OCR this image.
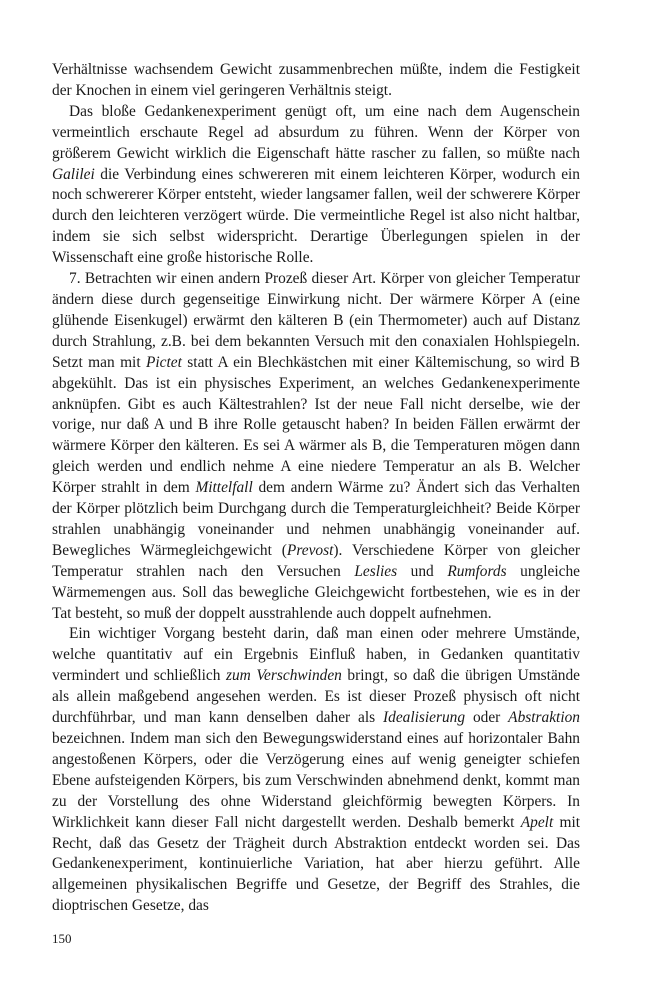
Verhältnisse wachsendem Gewicht zusammenbrechen müßte, indem die Festigkeit der Knochen in einem viel geringeren Verhältnis steigt.

Das bloße Gedankenexperiment genügt oft, um eine nach dem Augenschein vermeintlich erschaute Regel ad absurdum zu führen. Wenn der Körper von größerem Gewicht wirklich die Eigenschaft hätte rascher zu fallen, so müßte nach Galilei die Verbindung eines schwereren mit einem leichteren Körper, wodurch ein noch schwererer Körper entsteht, wieder langsamer fallen, weil der schwerere Körper durch den leichteren verzögert würde. Die vermeintliche Regel ist also nicht haltbar, indem sie sich selbst widerspricht. Derartige Überlegungen spielen in der Wissenschaft eine große historische Rolle.

7. Betrachten wir einen andern Prozeß dieser Art. Körper von gleicher Temperatur ändern diese durch gegenseitige Einwirkung nicht. Der wärmere Körper A (eine glühende Eisenkugel) erwärmt den kälteren B (ein Thermometer) auch auf Distanz durch Strahlung, z.B. bei dem bekannten Versuch mit den conaxialen Hohlspiegeln. Setzt man mit Pictet statt A ein Blechkästchen mit einer Kältemischung, so wird B abgekühlt. Das ist ein physisches Experiment, an welches Gedankenexperimente anknüpfen. Gibt es auch Kältestrahlen? Ist der neue Fall nicht derselbe, wie der vorige, nur daß A und B ihre Rolle getauscht haben? In beiden Fällen erwärmt der wärmere Körper den kälteren. Es sei A wärmer als B, die Temperaturen mögen dann gleich werden und endlich nehme A eine niedere Temperatur an als B. Welcher Körper strahlt in dem Mittelfall dem andern Wärme zu? Ändert sich das Verhalten der Körper plötzlich beim Durchgang durch die Temperaturgleichheit? Beide Körper strahlen unabhängig voneinander und nehmen unabhängig voneinander auf. Bewegliches Wärmegleichgewicht (Prevost). Verschiedene Körper von gleicher Temperatur strahlen nach den Versuchen Leslies und Rumfords ungleiche Wärmemengen aus. Soll das bewegliche Gleichgewicht fortbestehen, wie es in der Tat besteht, so muß der doppelt ausstrahlende auch doppelt aufnehmen.

Ein wichtiger Vorgang besteht darin, daß man einen oder mehrere Umstände, welche quantitativ auf ein Ergebnis Einfluß haben, in Gedanken quantitativ vermindert und schließlich zum Verschwinden bringt, so daß die übrigen Umstände als allein maßgebend angesehen werden. Es ist dieser Prozeß physisch oft nicht durchführbar, und man kann denselben daher als Idealisierung oder Abstraktion bezeichnen. Indem man sich den Bewegungswiderstand eines auf horizontaler Bahn angestoßenen Körpers, oder die Verzögerung eines auf wenig geneigter schiefen Ebene aufsteigenden Körpers, bis zum Verschwinden abnehmend denkt, kommt man zu der Vorstellung des ohne Widerstand gleichförmig bewegten Körpers. In Wirklichkeit kann dieser Fall nicht dargestellt werden. Deshalb bemerkt Apelt mit Recht, daß das Gesetz der Trägheit durch Abstraktion entdeckt worden sei. Das Gedankenexperiment, kontinuierliche Variation, hat aber hierzu geführt. Alle allgemeinen physikalischen Begriffe und Gesetze, der Begriff des Strahles, die dioptrischen Gesetze, das

150
